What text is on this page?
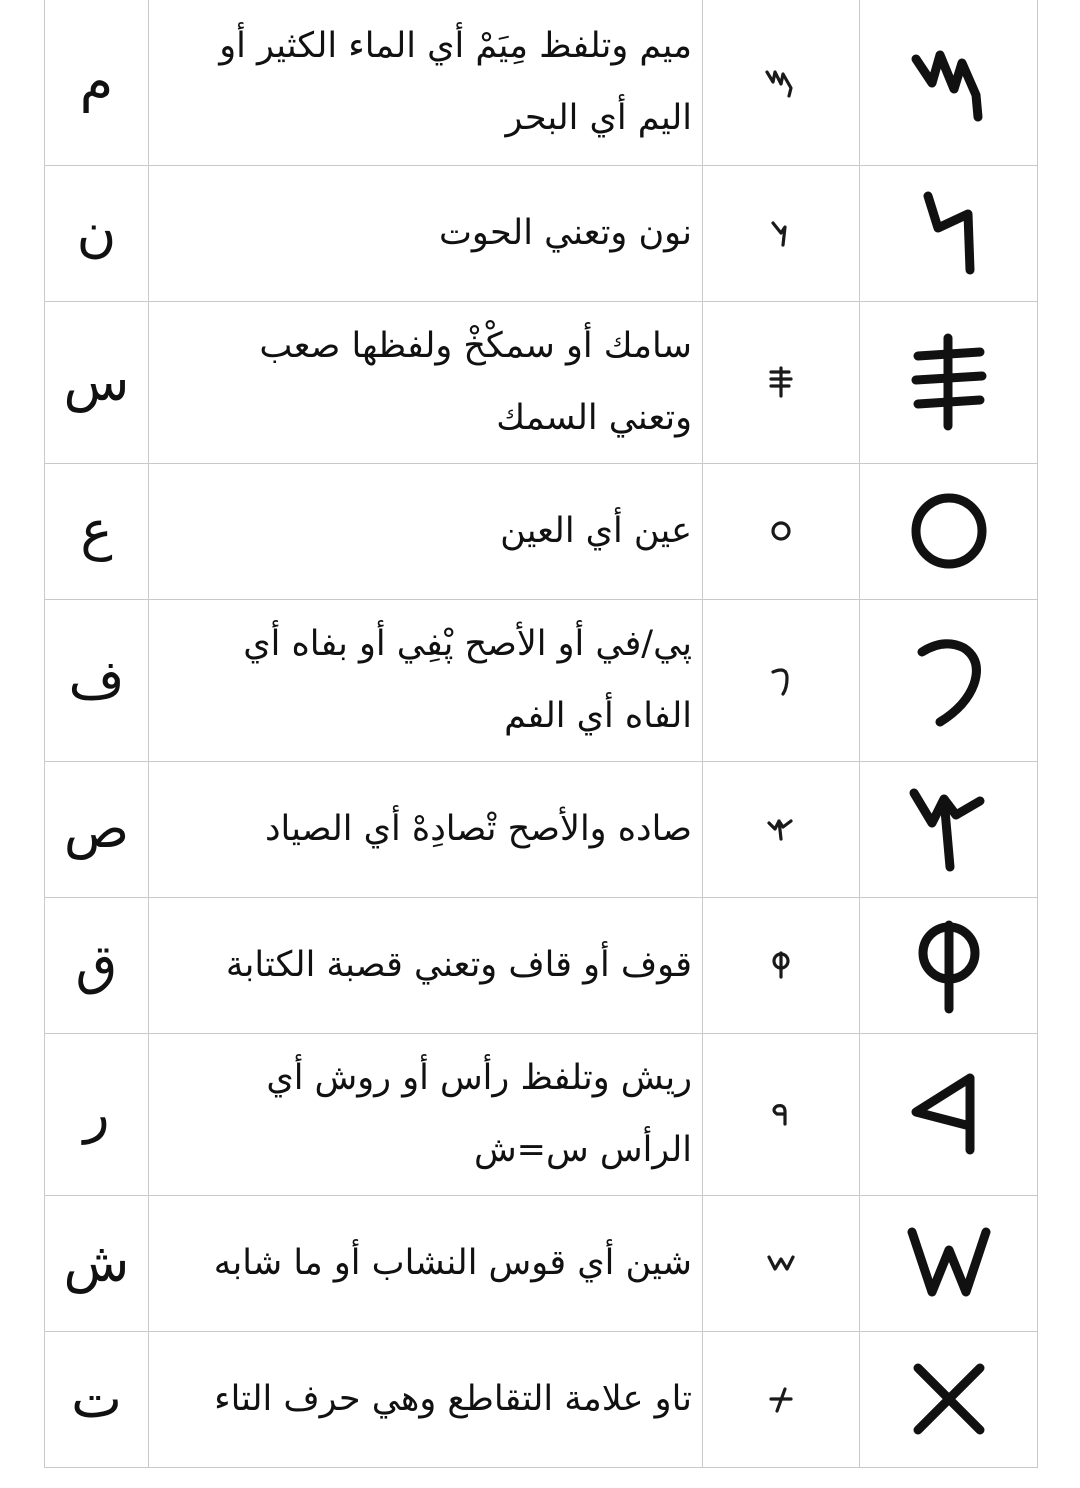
م	ميم وتلفظ مِيَمْ أي الماء الكثير أو اليم أي البحر		
ن	نون وتعني الحوت		
س	سامك أو سمكْخْ ولفظها صعب وتعني السمك		
ع	عين أي العين		
ف	پي/في أو الأصح پْفِي أو بفاه أي الفاه أي الفم		
ص	صاده والأصح تْصادِهْ أي الصياد		
ق	قوف أو قاف وتعني قصبة الكتابة		
ر	ريش وتلفظ رأس أو روش أي الرأس س=ش		
ش	شين أي قوس النشاب أو ما شابه		
ت	تاو علامة التقاطع وهي حرف التاء		
